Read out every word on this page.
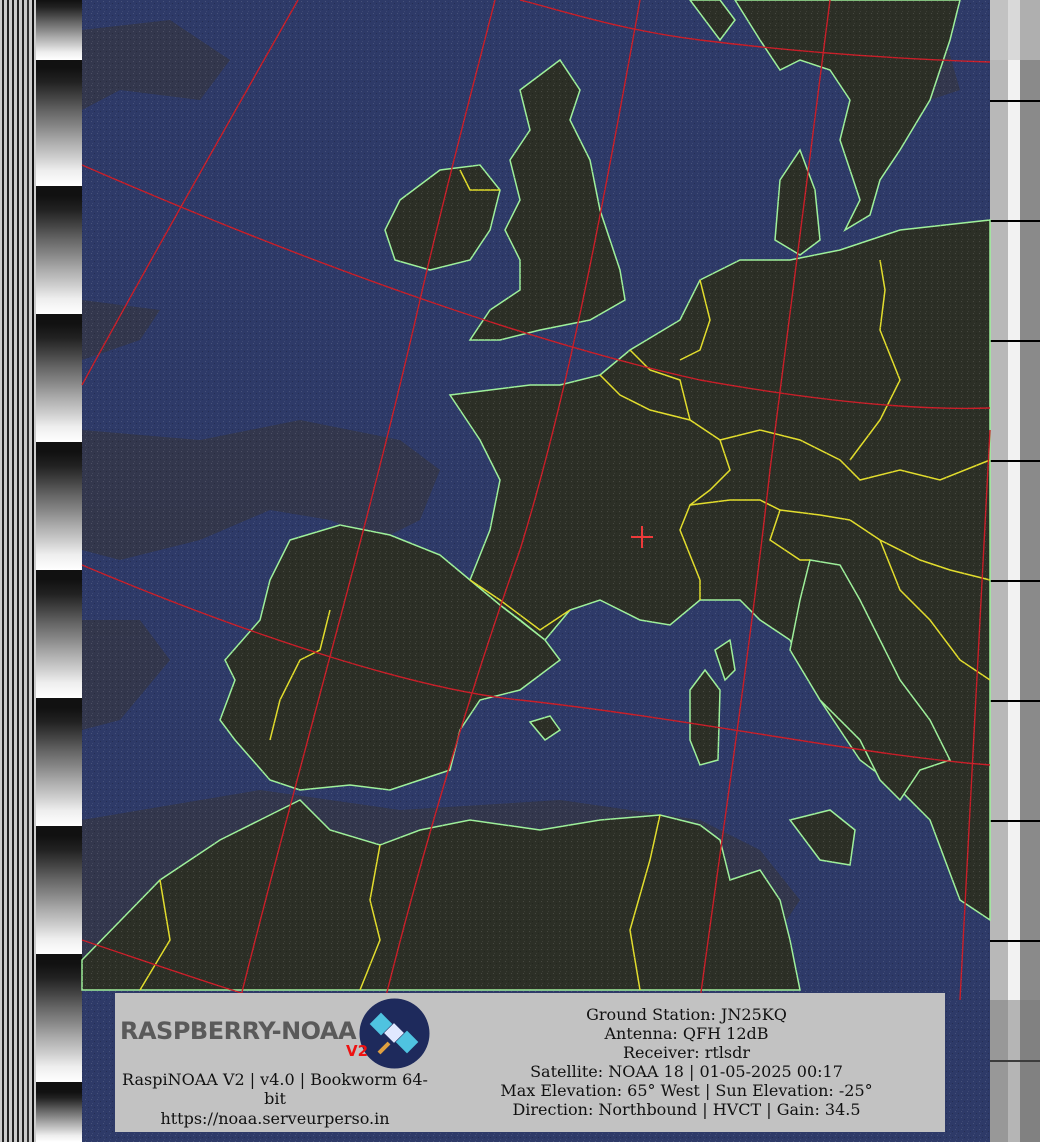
RASPBERRY-NOAA
V2
RaspiNOAA V2 | v4.0 | Bookworm 64-bit
https://noaa.serveurperso.in
Ground Station: JN25KQ
Antenna: QFH 12dB
Receiver: rtlsdr
Satellite: NOAA 18 | 01-05-2025 00:17
Max Elevation: 65° West | Sun Elevation: -25°
Direction: Northbound | HVCT | Gain: 34.5
